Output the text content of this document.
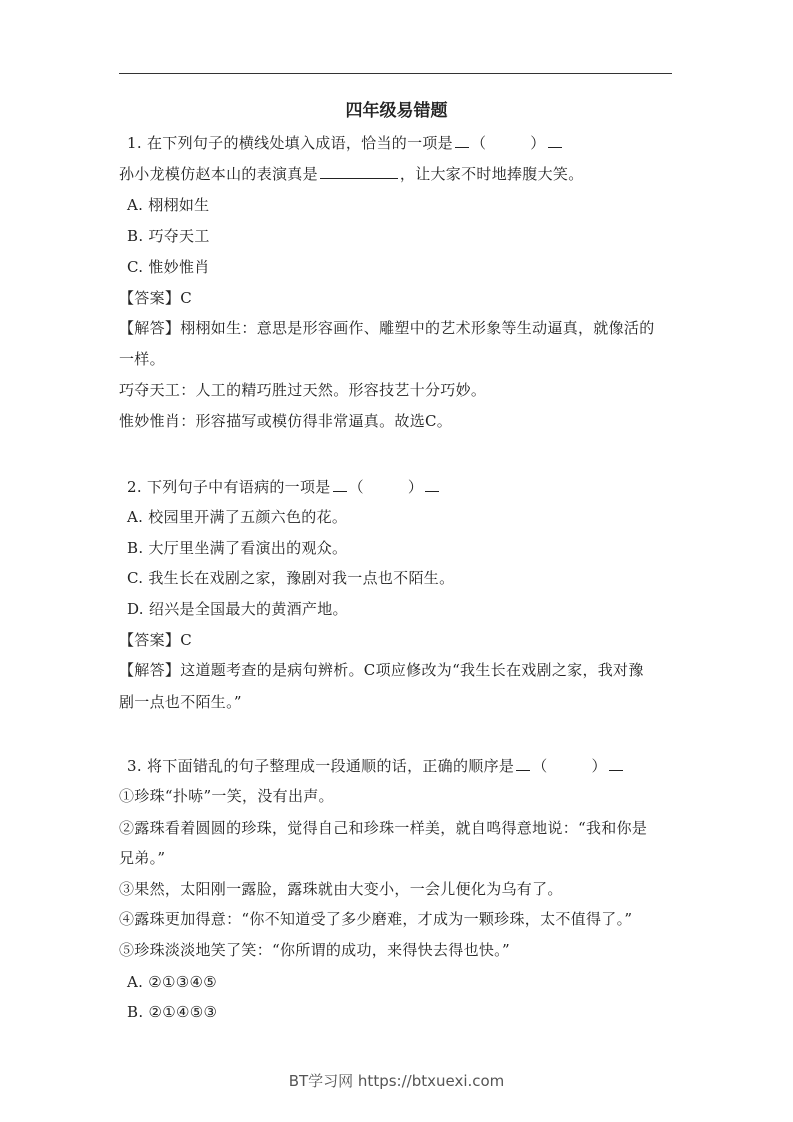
四年级易错题
1. 在下列句子的横线处填入成语，恰当的一项是 （	）
孙小龙模仿赵本山的表演真是	，让大家不时地捧腹大笑。
A. 栩栩如生
B. 巧夺天工
C. 惟妙惟肖
【答案】C
【解答】栩栩如生：意思是形容画作、雕塑中的艺术形象等生动逼真，就像活的
一样。
巧夺天工：人工的精巧胜过天然。形容技艺十分巧妙。
惟妙惟肖：形容描写或模仿得非常逼真。故选C。
2. 下列句子中有语病的一项是 （	）
A. 校园里开满了五颜六色的花。
B. 大厅里坐满了看演出的观众。
C. 我生长在戏剧之家，豫剧对我一点也不陌生。
D. 绍兴是全国最大的黄酒产地。
【答案】C
【解答】这道题考查的是病句辨析。C项应修改为“我生长在戏剧之家，我对豫
剧一点也不陌生。”
3. 将下面错乱的句子整理成一段通顺的话，正确的顺序是 （	）
①珍珠“扑哧”一笑，没有出声。
②露珠看着圆圆的珍珠，觉得自己和珍珠一样美，就自鸣得意地说：“我和你是
兄弟。”
③果然，太阳刚一露脸，露珠就由大变小，一会儿便化为乌有了。
④露珠更加得意：“你不知道受了多少磨难，才成为一颗珍珠，太不值得了。”
⑤珍珠淡淡地笑了笑：“你所谓的成功，来得快去得也快。”
A. ②①③④⑤
B. ②①④⑤③
BT学习网 https://btxuexi.com
